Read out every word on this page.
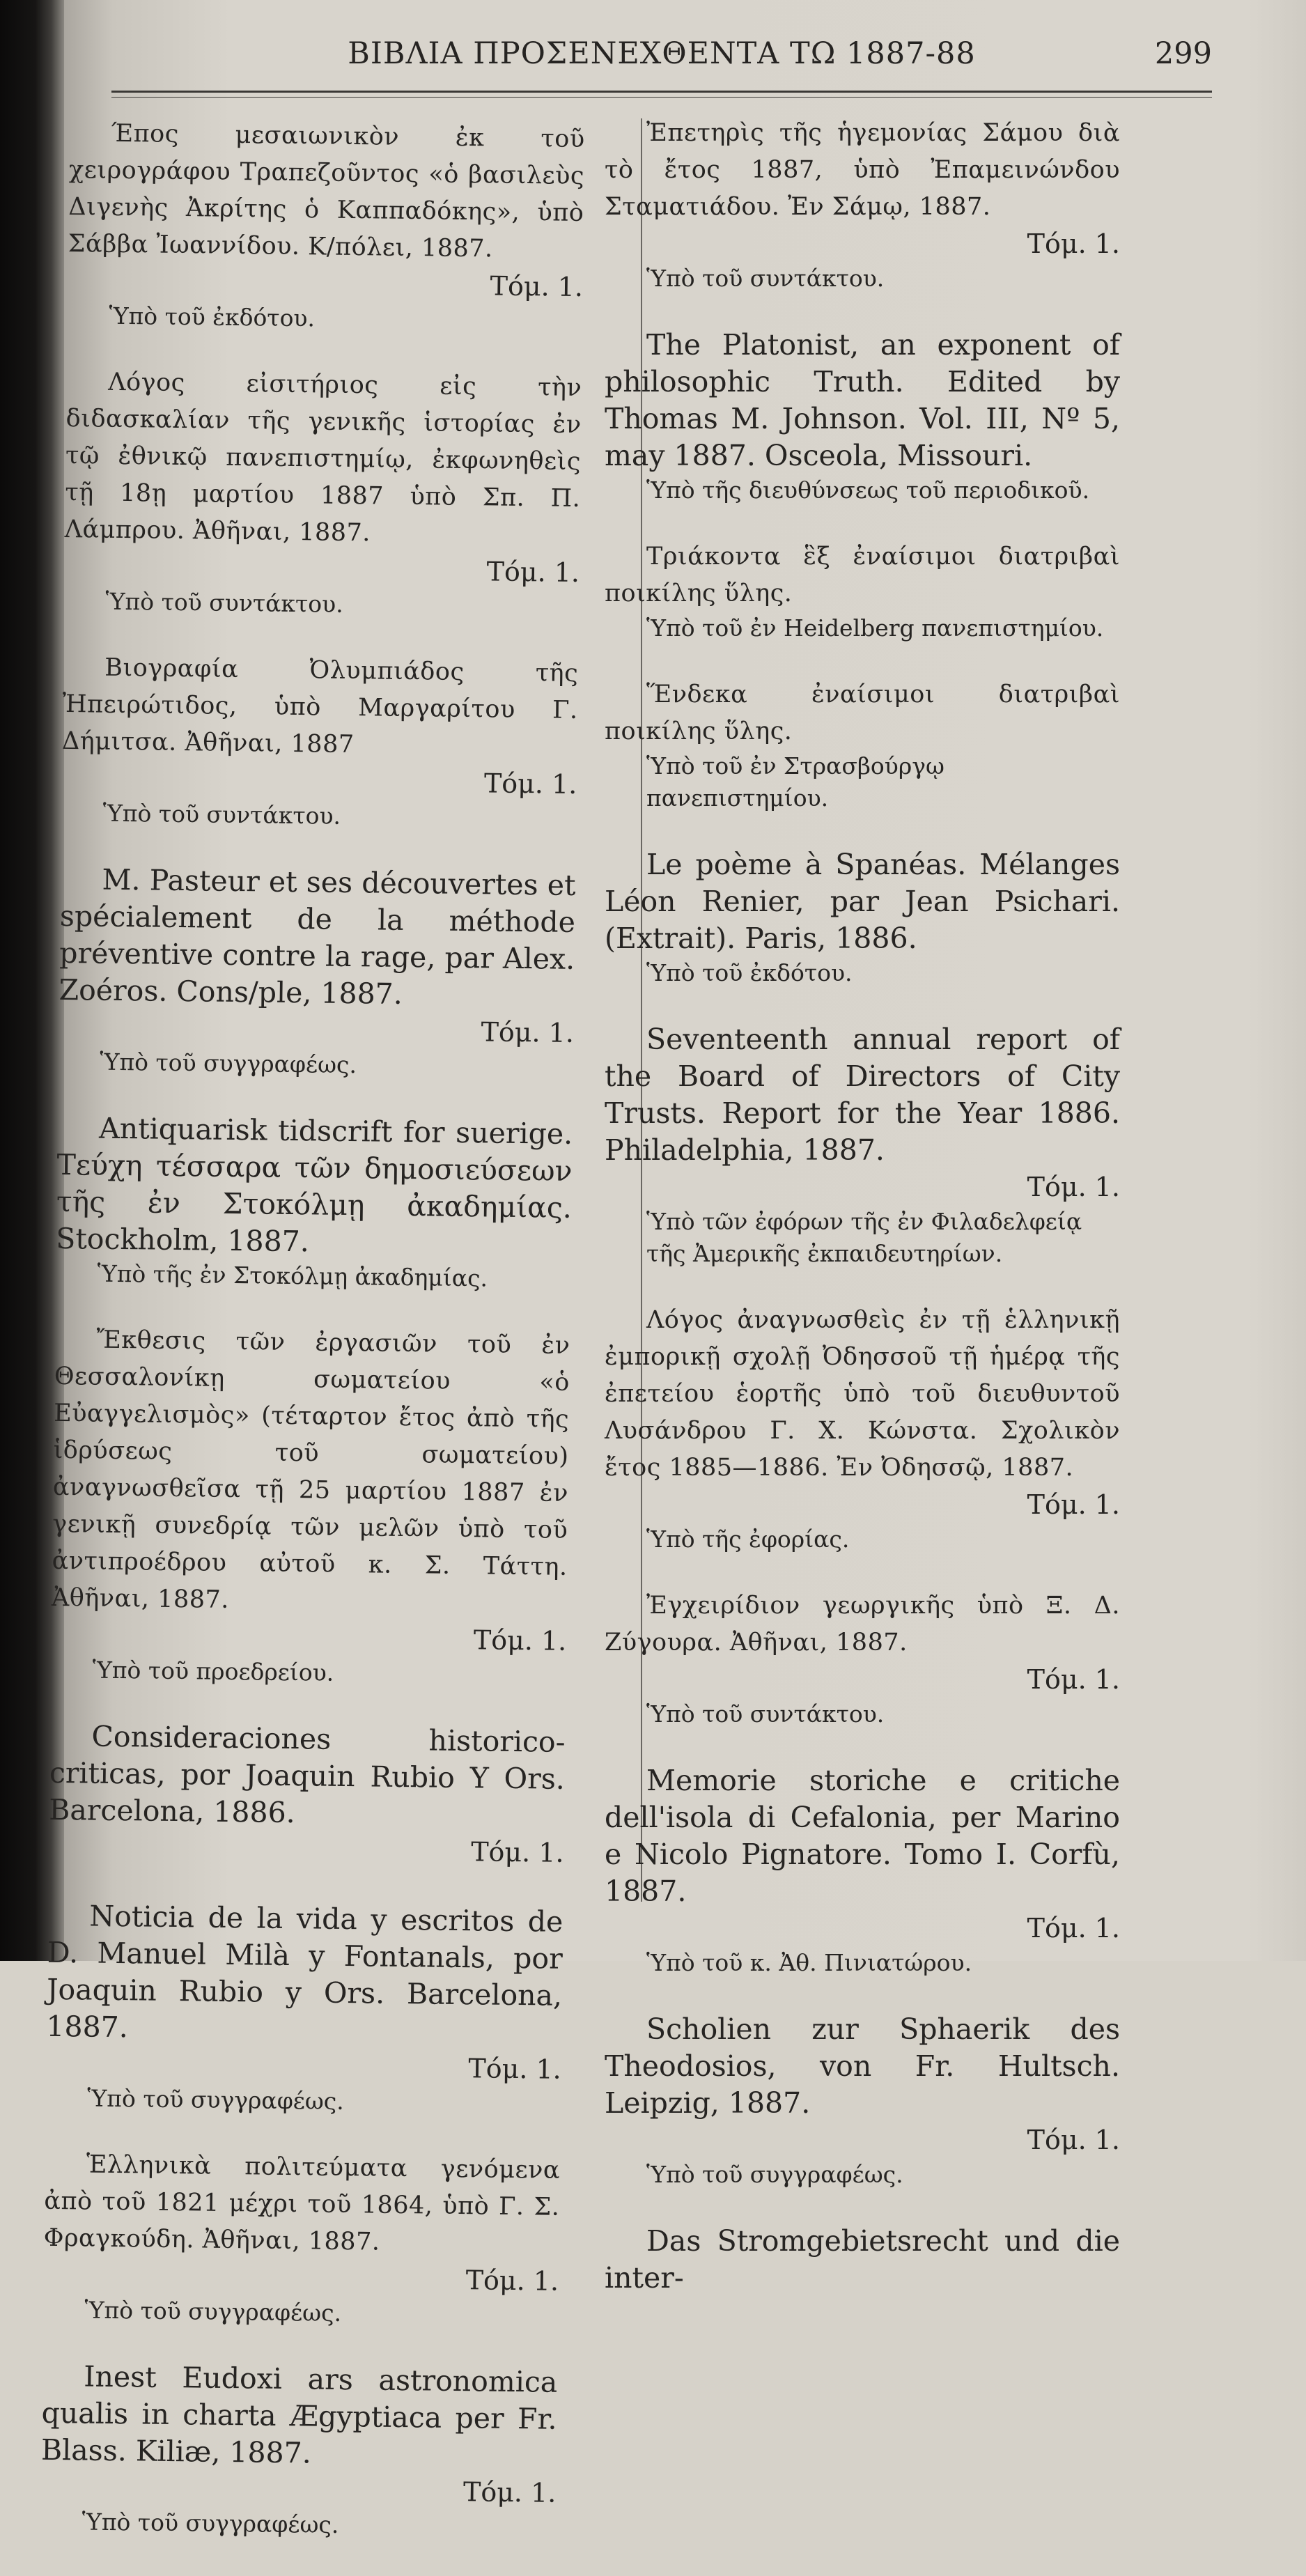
ΒΙΒΛΙΑ ΠΡΟΣΕΝΕΧΘΕΝΤΑ ΤΩ 1887-88	299
Έπος μεσαιωνικὸν ἐκ τοῦ χειρογράφου Τραπεζοῦντος «ὁ βασιλεὺς Διγενὴς Ἀκρίτης ὁ Καππαδόκης», ὑπὸ Σάββα Ἰωαννίδου. Κ/πόλει, 1887.
Τόμ. 1.
Ὑπὸ τοῦ ἐκδότου.
Λόγος εἰσιτήριος εἰς τὴν διδασκαλίαν τῆς γενικῆς ἱστορίας ἐν τῷ ἐθνικῷ πανεπιστημίῳ, ἐκφωνηθεὶς τῇ 18ῃ μαρτίου 1887 ὑπὸ Σπ. Π. Λάμπρου. Ἀθῆναι, 1887.
Τόμ. 1.
Ὑπὸ τοῦ συντάκτου.
Βιογραφία Ὀλυμπιάδος τῆς Ἠπειρώτιδος, ὑπὸ Μαργαρίτου Γ. Δήμιτσα. Ἀθῆναι, 1887
Τόμ. 1.
Ὑπὸ τοῦ συντάκτου.
M. Pasteur et ses découvertes et spécialement de la méthode préventive contre la rage, par Alex. Zoéros. Cons/ple, 1887.
Τόμ. 1.
Ὑπὸ τοῦ συγγραφέως.
Antiquarisk tidscrift for suerige. Τεύχη τέσσαρα τῶν δημοσιεύσεων τῆς ἐν Στοκόλμῃ ἀκαδημίας. Stockholm, 1887.
Ὑπὸ τῆς ἐν Στοκόλμῃ ἀκαδημίας.
Ἔκθεσις τῶν ἐργασιῶν τοῦ ἐν Θεσσαλονίκῃ σωματείου «ὁ Εὐαγγελισμὸς» (τέταρτον ἔτος ἀπὸ τῆς ἱδρύσεως τοῦ σωματείου) ἀναγνωσθεῖσα τῇ 25 μαρτίου 1887 ἐν γενικῇ συνεδρίᾳ τῶν μελῶν ὑπὸ τοῦ ἀντιπροέδρου αὐτοῦ κ. Σ. Τάττη. Ἀθῆναι, 1887.
Τόμ. 1.
Ὑπὸ τοῦ προεδρείου.
Consideraciones historico-criticas, por Joaquin Rubio Y Ors. Barcelona, 1886.
Τόμ. 1.
Noticia de la vida y escritos de D. Manuel Milà y Fontanals, por Joaquin Rubio y Ors. Barcelona, 1887.
Τόμ. 1.
Ὑπὸ τοῦ συγγραφέως.
Ἑλληνικὰ πολιτεύματα γενόμενα ἀπὸ τοῦ 1821 μέχρι τοῦ 1864, ὑπὸ Γ. Σ. Φραγκούδη. Ἀθῆναι, 1887.
Τόμ. 1.
Ὑπὸ τοῦ συγγραφέως.
Inest Eudoxi ars astronomica qualis in charta Ægyptiaca per Fr. Blass. Kiliæ, 1887.
Τόμ. 1.
Ὑπὸ τοῦ συγγραφέως.
Ἐπετηρὶς τῆς ἡγεμονίας Σάμου διὰ τὸ ἔτος 1887, ὑπὸ Ἐπαμεινώνδου Σταματιάδου. Ἐν Σάμῳ, 1887.
Τόμ. 1.
Ὑπὸ τοῦ συντάκτου.
The Platonist, an exponent of philosophic Truth. Edited by Thomas M. Johnson. Vol. III, Nº 5, may 1887. Osceola, Missouri.
Ὑπὸ τῆς διευθύνσεως τοῦ περιοδικοῦ.
Τριάκοντα ἓξ ἐναίσιμοι διατριβαὶ ποικίλης ὕλης.
Ὑπὸ τοῦ ἐν Heidelberg πανεπιστημίου.
Ἕνδεκα ἐναίσιμοι διατριβαὶ ποικίλης ὕλης.
Ὑπὸ τοῦ ἐν Στρασβούργῳ πανεπιστημίου.
Le poème à Spanéas. Mélanges Léon Renier, par Jean Psichari. (Extrait). Paris, 1886.
Ὑπὸ τοῦ ἐκδότου.
Seventeenth annual report of the Board of Directors of City Trusts. Report for the Year 1886. Philadelphia, 1887.
Τόμ. 1.
Ὑπὸ τῶν ἐφόρων τῆς ἐν Φιλαδελφείᾳ τῆς Ἀμερικῆς ἐκπαιδευτηρίων.
Λόγος ἀναγνωσθεὶς ἐν τῇ ἑλληνικῇ ἐμπορικῇ σχολῇ Ὀδησσοῦ τῇ ἡμέρᾳ τῆς ἐπετείου ἑορτῆς ὑπὸ τοῦ διευθυντοῦ Λυσάνδρου Γ. Χ. Κώνστα. Σχολικὸν ἔτος 1885—1886. Ἐν Ὀδησσῷ, 1887.
Τόμ. 1.
Ὑπὸ τῆς ἐφορίας.
Ἐγχειρίδιον γεωργικῆς ὑπὸ Ξ. Δ. Ζύγουρα. Ἀθῆναι, 1887.
Τόμ. 1.
Ὑπὸ τοῦ συντάκτου.
Memorie storiche e critiche dell'isola di Cefalonia, per Marino e Nicolo Pignatore. Tomo I. Corfù, 1887.
Τόμ. 1.
Ὑπὸ τοῦ κ. Ἀθ. Πινιατώρου.
Scholien zur Sphaerik des Theodosios, von Fr. Hultsch. Leipzig, 1887.
Τόμ. 1.
Ὑπὸ τοῦ συγγραφέως.
Das Stromgebietsrecht und die inter-
